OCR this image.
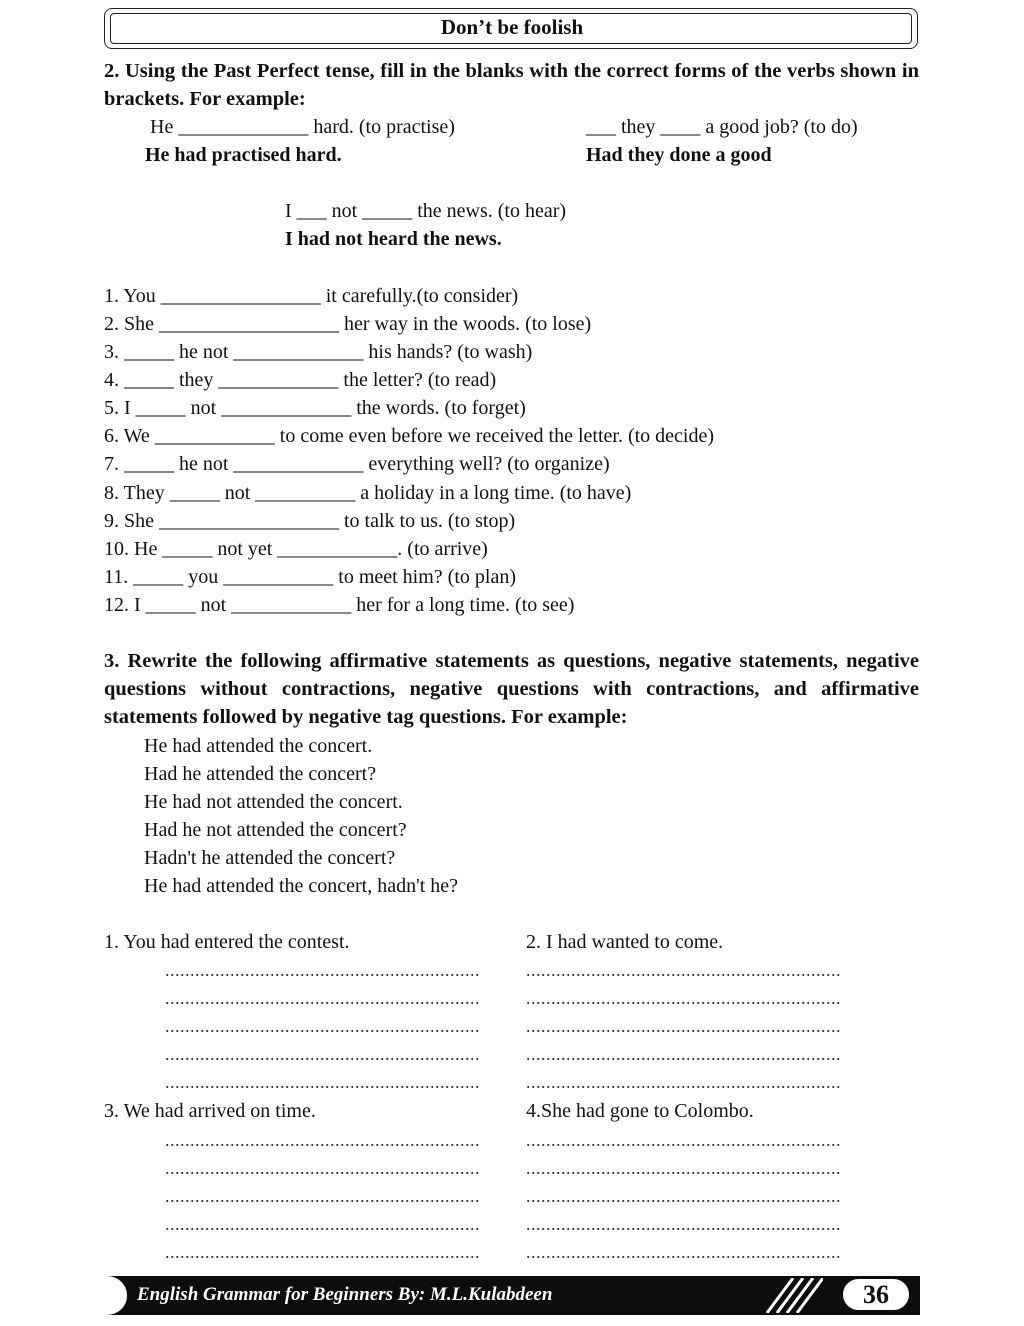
Don’t be foolish
2. Using the Past Perfect tense, fill in the blanks with the correct forms of the verbs shown in brackets. For example:
He _____________ hard. (to practise)
He had practised hard.
___ they ____ a good job? (to do)
Had they done a good
I ___ not _____ the news. (to hear)
I had not heard the news.
1. You ________________ it carefully.(to consider)
2. She __________________ her way in the woods. (to lose)
3. _____ he not _____________ his hands? (to wash)
4. _____ they ____________ the letter? (to read)
5. I _____ not _____________ the words. (to forget)
6. We ____________ to come even before we received the letter. (to decide)
7. _____ he not _____________ everything well? (to organize)
8. They _____ not __________ a holiday in a long time. (to have)
9. She __________________ to talk to us. (to stop)
10. He _____ not yet ____________. (to arrive)
11. _____ you ___________ to meet him? (to plan)
12. I _____ not ____________ her for a long time. (to see)
3. Rewrite the following affirmative statements as questions, negative statements, negative questions without contractions, negative questions with contractions, and affirmative statements followed by negative tag questions. For example:
He had attended the concert.
Had he attended the concert?
He had not attended the concert.
Had he not attended the concert?
Hadn't he attended the concert?
He had attended the concert, hadn't he?
1. You had entered the contest.	2. I had wanted to come.
3. We had arrived on time.	4.She had gone to Colombo.
...............................................................
...............................................................
...............................................................
...............................................................
...............................................................
...............................................................
...............................................................
...............................................................
...............................................................
...............................................................
...............................................................
...............................................................
...............................................................
...............................................................
...............................................................
...............................................................
...............................................................
...............................................................
...............................................................
...............................................................
English Grammar for Beginners By: M.L.Kulabdeen	36
